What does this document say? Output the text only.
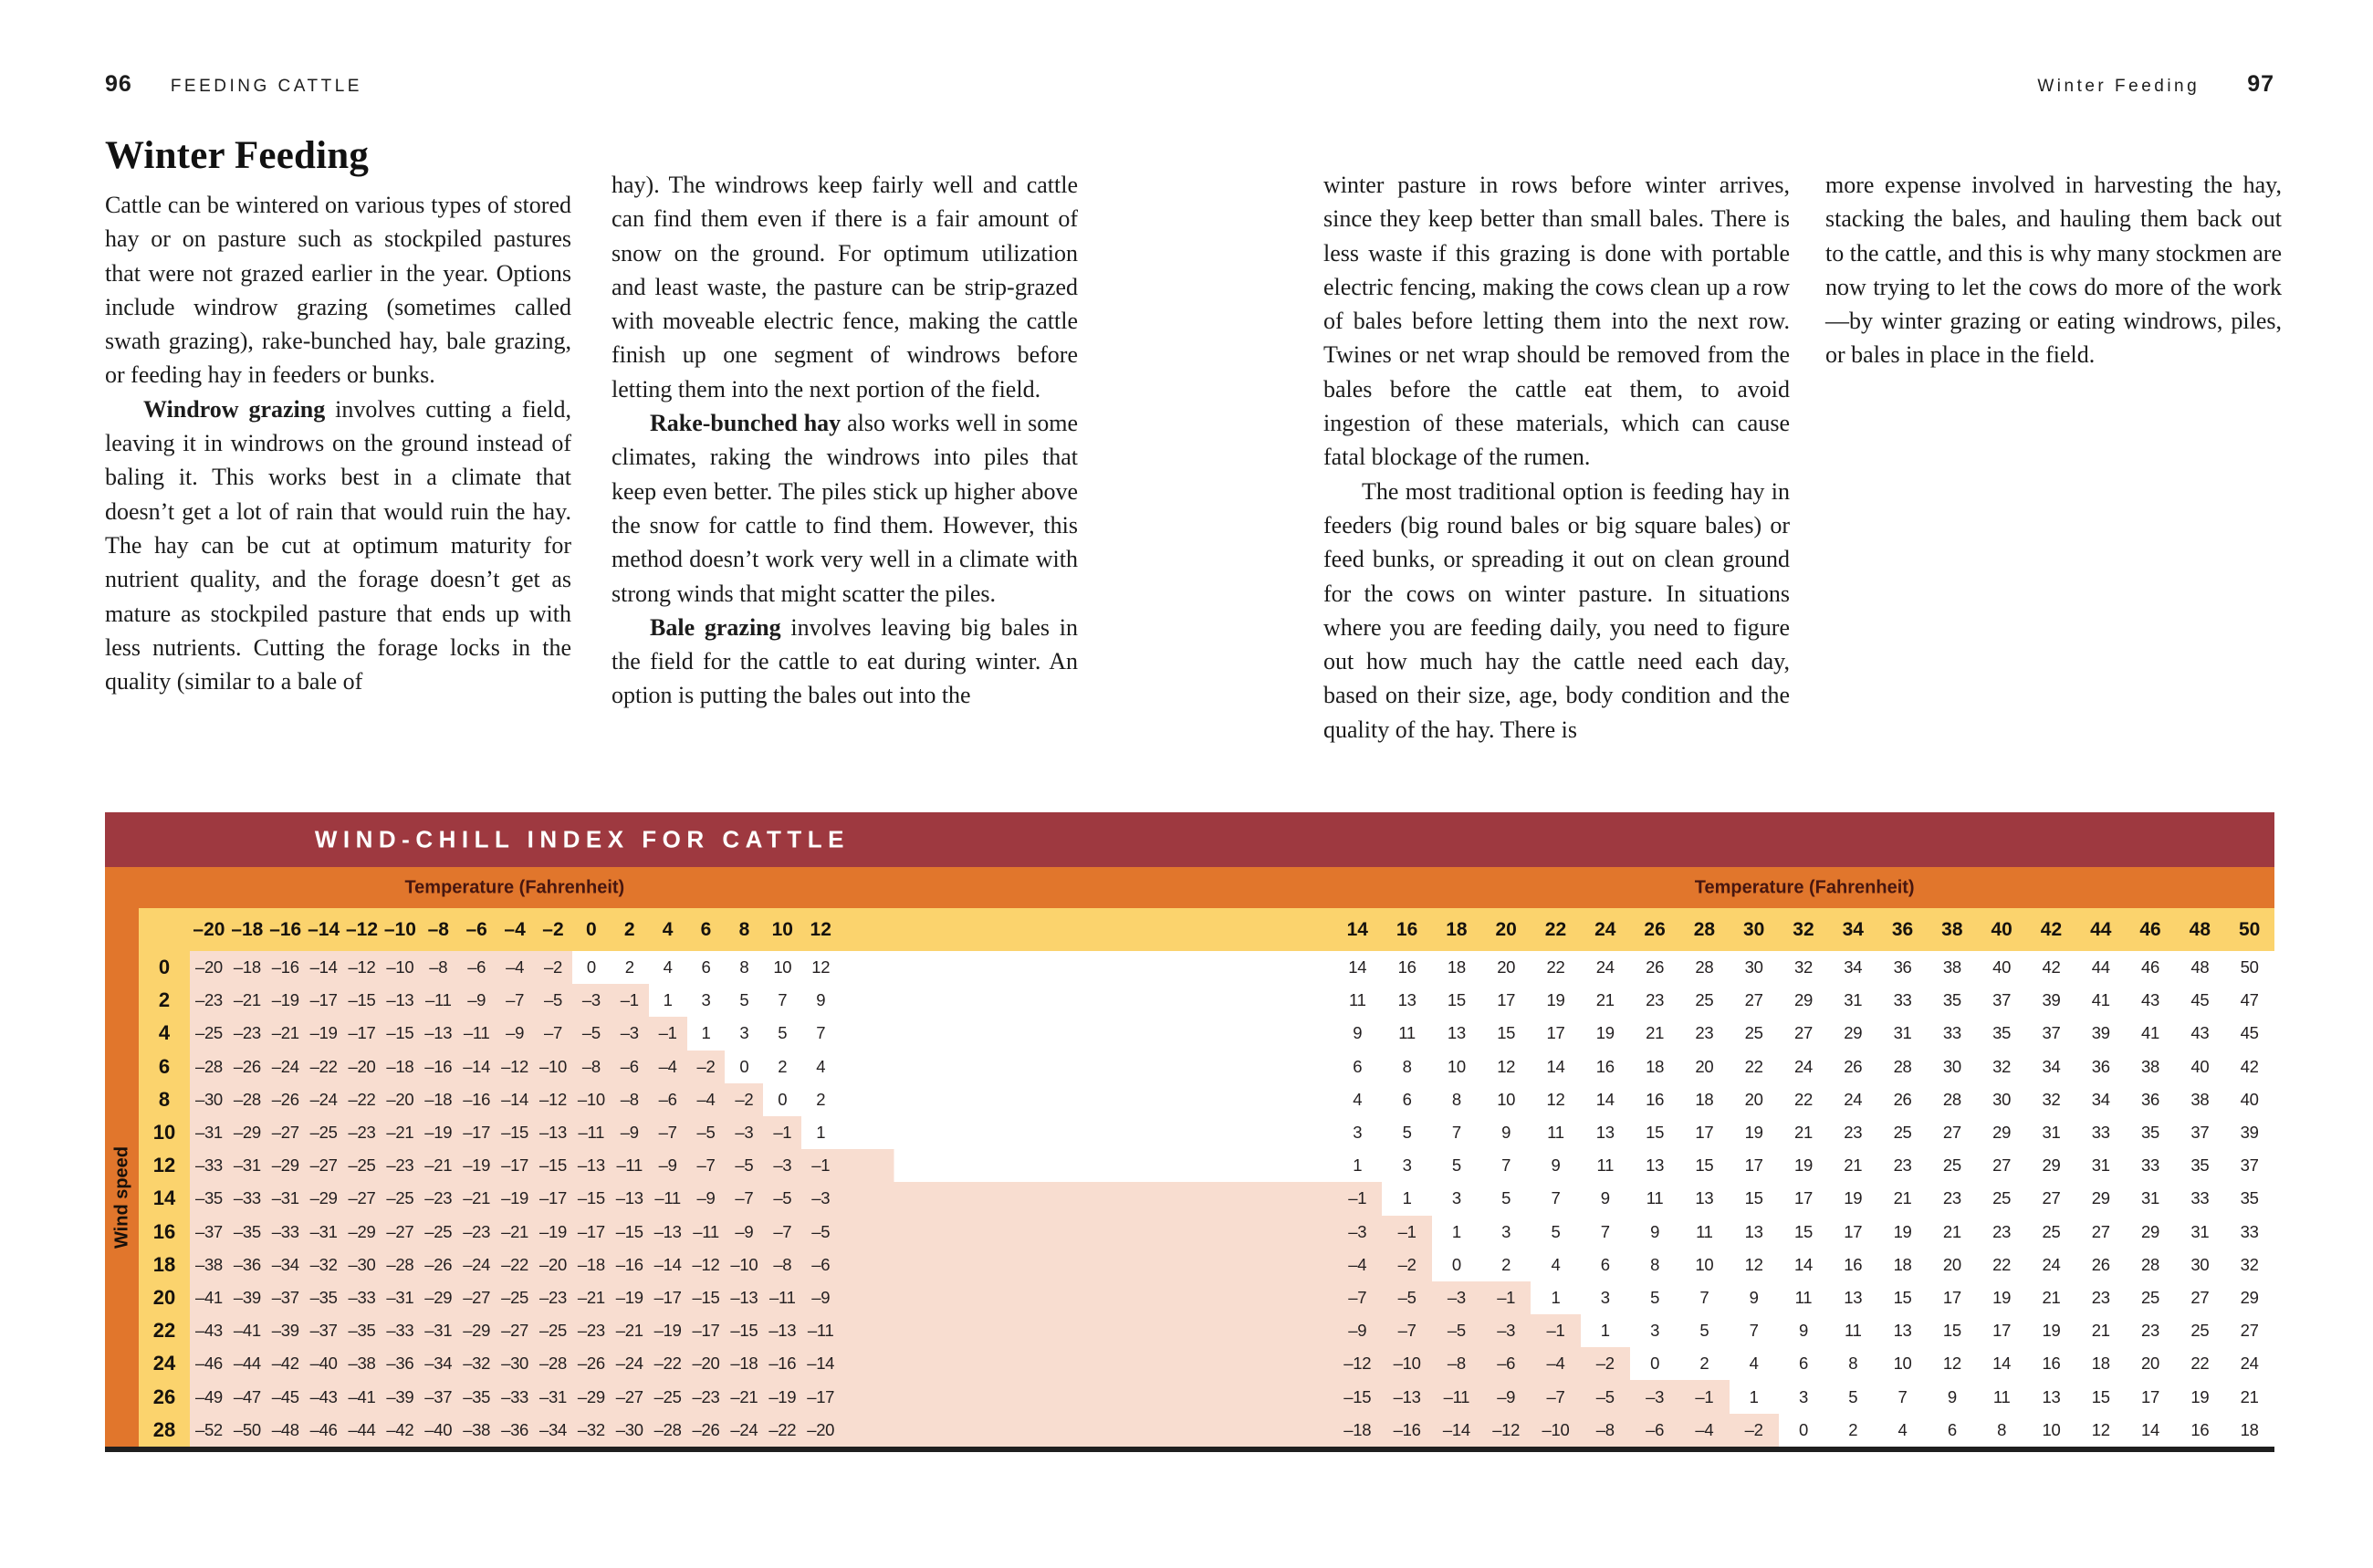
96 FEEDING CATTLE	Winter Feeding 97
Winter Feeding

Cattle can be wintered on various types of stored hay or on pasture such as stockpiled pastures that were not grazed earlier in the year. Options include windrow grazing (sometimes called swath grazing), rake-bunched hay, bale grazing, or feeding hay in feeders or bunks.

Windrow grazing involves cutting a field, leaving it in windrows on the ground instead of baling it. This works best in a climate that doesn’t get a lot of rain that would ruin the hay. The hay can be cut at optimum maturity for nutrient quality, and the forage doesn’t get as mature as stockpiled pasture that ends up with less nutrients. Cutting the forage locks in the quality (similar to a bale of

hay). The windrows keep fairly well and cattle can find them even if there is a fair amount of snow on the ground. For optimum utilization and least waste, the pasture can be strip-grazed with moveable electric fence, making the cattle finish up one segment of windrows before letting them into the next portion of the field.

Rake-bunched hay also works well in some climates, raking the windrows into piles that keep even better. The piles stick up higher above the snow for cattle to find them. However, this method doesn’t work very well in a climate with strong winds that might scatter the piles.

Bale grazing involves leaving big bales in the field for the cattle to eat during winter. An option is putting the bales out into the

winter pasture in rows before winter arrives, since they keep better than small bales. There is less waste if this grazing is done with portable electric fencing, making the cows clean up a row of bales before letting them into the next row. Twines or net wrap should be removed from the bales before the cattle eat them, to avoid ingestion of these materials, which can cause fatal blockage of the rumen.

The most traditional option is feeding hay in feeders (big round bales or big square bales) or feed bunks, or spreading it out on clean ground for the cows on winter pasture. In situations where you are feeding daily, you need to figure out how much hay the cattle need each day, based on their size, age, body condition and the quality of the hay. There is

more expense involved in harvesting the hay, stacking the bales, and hauling them back out to the cattle, and this is why many stockmen are now trying to let the cows do more of the work—by winter grazing or eating windrows, piles, or bales in place in the field.

WIND-CHILL INDEX FOR CATTLE
Wind speed
Temperature (Fahrenheit)	Temperature (Fahrenheit)
–20 –18 –16 –14 –12 –10 –8 –6 –4 –2	0	2	4	6	8	10 12	14	16	18	20	22	24	26	28	30	32	34	36	38	40	42	44	46	48	50
0	–20 –18 –16 –14 –12 –10 –8	–6	–4	–2	0	2	4	6	8	10	12	14	16	18	20	22	24	26	28	30	32	34	36	38	40	42	44	46	48	50
2	–23 –21 –19 –17 –15 –13 –11 –9	–7	–5	–3	–1	1	3	5	7	9	11	13	15	17	19	21	23	25	27	29	31	33	35	37	39	41	43	45	47
4	–25 –23 –21 –19 –17 –15 –13 –11 –9	–7	–5	–3	–1	1	3	5	7	9	11	13	15	17	19	21	23	25	27	29	31	33	35	37	39	41	43	45
6	–28 –26 –24 –22 –20 –18 –16 –14 –12 –10 –8	–6	–4	–2	0	2	4	6	8	10	12	14	16	18	20	22	24	26	28	30	32	34	36	38	40	42
8	–30 –28 –26 –24 –22 –20 –18 –16 –14 –12 –10 –8	–6	–4	–2	0	2	4	6	8	10	12	14	16	18	20	22	24	26	28	30	32	34	36	38	40
10	–31 –29 –27 –25 –23 –21 –19 –17 –15 –13 –11 –9	–7	–5	–3	–1	1	3	5	7	9	11	13	15	17	19	21	23	25	27	29	31	33	35	37	39
12	–33 –31 –29 –27 –25 –23 –21 –19 –17 –15 –13 –11 –9	–7	–5	–3	–1	1	3	5	7	9	11	13	15	17	19	21	23	25	27	29	31	33	35	37
14	–35 –33 –31 –29 –27 –25 –23 –21 –19 –17 –15 –13 –11 –9	–7	–5	–3	–1	1	3	5	7	9	11	13	15	17	19	21	23	25	27	29	31	33	35
16	–37 –35 –33 –31 –29 –27 –25 –23 –21 –19 –17 –15 –13 –11 –9	–7	–5	–3	–1	1	3	5	7	9	11	13	15	17	19	21	23	25	27	29	31	33
18	–38 –36 –34 –32 –30 –28 –26 –24 –22 –20 –18 –16 –14 –12 –10 –8	–6	–4	–2	0	2	4	6	8	10	12	14	16	18	20	22	24	26	28	30	32
20	–41 –39 –37 –35 –33 –31 –29 –27 –25 –23 –21 –19 –17 –15 –13 –11 –9	–7	–5	–3	–1	1	3	5	7	9	11	13	15	17	19	21	23	25	27	29
22	–43 –41 –39 –37 –35 –33 –31 –29 –27 –25 –23 –21 –19 –17 –15 –13 –11	–9	–7	–5	–3	–1	1	3	5	7	9	11	13	15	17	19	21	23	25	27
24	–46 –44 –42 –40 –38 –36 –34 –32 –30 –28 –26 –24 –22 –20 –18 –16 –14	–12	–10	–8	–6	–4	–2	0	2	4	6	8	10	12	14	16	18	20	22	24
26	–49 –47 –45 –43 –41 –39 –37 –35 –33 –31 –29 –27 –25 –23 –21 –19 –17	–15	–13	–11	–9	–7	–5	–3	–1	1	3	5	7	9	11	13	15	17	19	21
28	–52 –50 –48 –46 –44 –42 –40 –38 –36 –34 –32 –30 –28 –26 –24 –22 –20	–18	–16	–14	–12	–10	–8	–6	–4	–2	0	2	4	6	8	10	12	14	16	18
